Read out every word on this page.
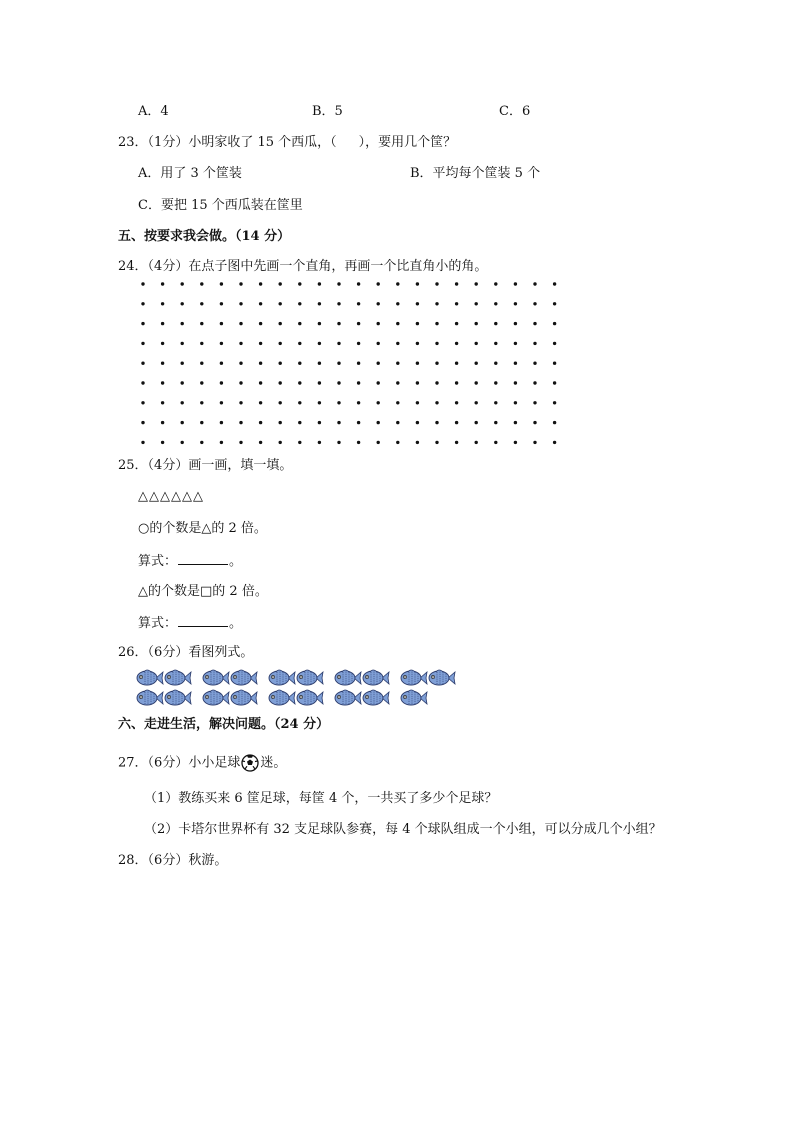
A．4	B．5	C．6
23．（1分）小明家收了 15 个西瓜，（ ），要用几个筐？
A．用了 3 个筐装	B．平均每个筐装 5 个
C．要把 15 个西瓜装在筐里
五、按要求我会做。（14 分）
24．（4分）在点子图中先画一个直角，再画一个比直角小的角。
25．（4分）画一画，填一填。
△△△△△△
○的个数是△的 2 倍。
算式：	。
△的个数是□的 2 倍。
算式：	。
26．（6分）看图列式。
六、走进生活，解决问题。（24 分）
27．（6分）小小足球 迷。
（1）教练买来 6 筐足球，每筐 4 个，一共买了多少个足球？
（2）卡塔尔世界杯有 32 支足球队参赛，每 4 个球队组成一个小组，可以分成几个小组？
28．（6分）秋游。
